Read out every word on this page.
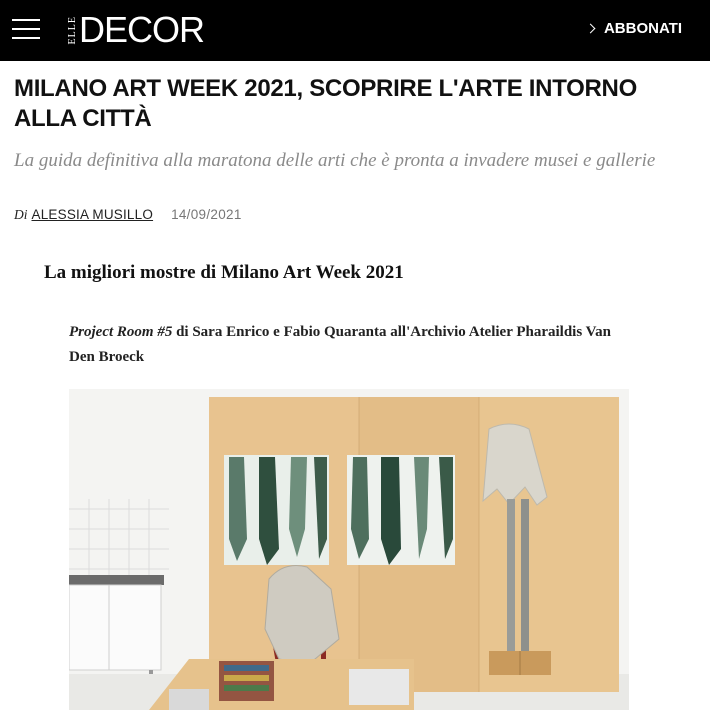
ELLE DECOR	ABBONATI
MILANO ART WEEK 2021, SCOPRIRE L'ARTE INTORNO ALLA CITTÀ

La guida definitiva alla maratona delle arti che è pronta a invadere musei e gallerie

Di ALESSIA MUSILLO 14/09/2021
La migliori mostre di Milano Art Week 2021

Project Room #5 di Sara Enrico e Fabio Quaranta all'Archivio Atelier Pharaildis Van Den Broeck
